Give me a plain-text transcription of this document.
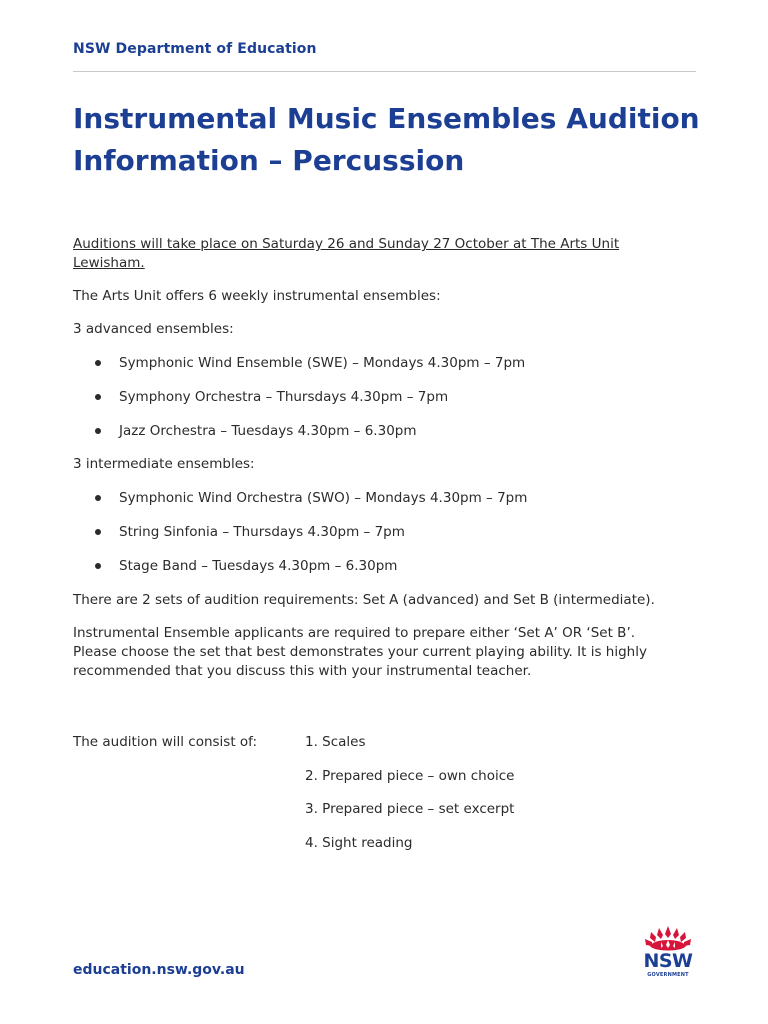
NSW Department of Education
Instrumental Music Ensembles Audition
Information – Percussion

Auditions will take place on Saturday 26 and Sunday 27 October at The Arts Unit Lewisham.

The Arts Unit offers 6 weekly instrumental ensembles:

3 advanced ensembles:

Symphonic Wind Ensemble (SWE) – Mondays 4.30pm – 7pm
Symphony Orchestra – Thursdays 4.30pm – 7pm
Jazz Orchestra – Tuesdays 4.30pm – 6.30pm

3 intermediate ensembles:

Symphonic Wind Orchestra (SWO) – Mondays 4.30pm – 7pm
String Sinfonia – Thursdays 4.30pm – 7pm
Stage Band – Tuesdays 4.30pm – 6.30pm

There are 2 sets of audition requirements: Set A (advanced) and Set B (intermediate).

Instrumental Ensemble applicants are required to prepare either ‘Set A’ OR ‘Set B’. Please choose the set that best demonstrates your current playing ability. It is highly recommended that you discuss this with your instrumental teacher.

The audition will consist of:	1. Scales
2. Prepared piece – own choice
3. Prepared piece – set excerpt
4. Sight reading
education.nsw.gov.au	NSW
GOVERNMENT
